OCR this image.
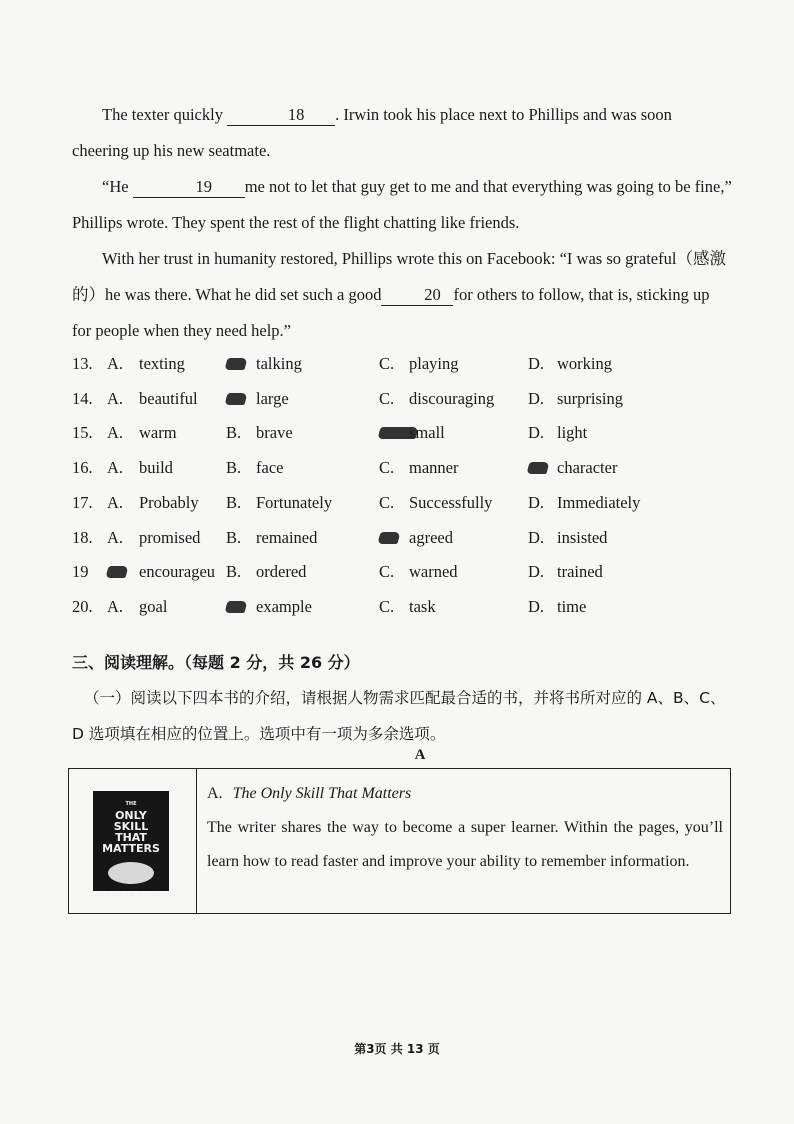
The texter quickly	18 . Irwin took his place next to Phillips and was soon cheering up his new seatmate.
“He	19 me not to let that guy get to me and that everything was going to be fine,” Phillips wrote. They spent the rest of the flight chatting like friends.
With her trust in humanity restored, Phillips wrote this on Facebook: “I was so grateful（感激的）he was there. What he did set such a good	20 for others to follow, that is, sticking up for people when they need help.”
13. A. texting	talking	C. playing	D. working
14. A. beautiful	large	C. discouraging D. surprising
15. A. warm	B. brave	small	D. light
16. A. build	B. face	C. manner	character
17. A. Probably B. Fortunately	C. Successfully D. Immediately
18. A. promised B. remained	agreed	D. insisted
19	encourageu B. ordered	C. warned	D. trained
20. A. goal	example	C. task	D. time
三、阅读理解。（每题 2 分，共 26 分）
（一）阅读以下四本书的介绍，请根据人物需求匹配最合适的书，并将书所对应的 A、B、C、D 选项填在相应的位置上。选项中有一项为多余选项。
A
THE
ONLY SKILL THAT MATTERS
JONATHAN A. LEVI
A. The Only Skill That Matters
The writer shares the way to become a super learner. Within the pages, you’ll learn how to read faster and improve your ability to remember information.
第3页 共 13 页
